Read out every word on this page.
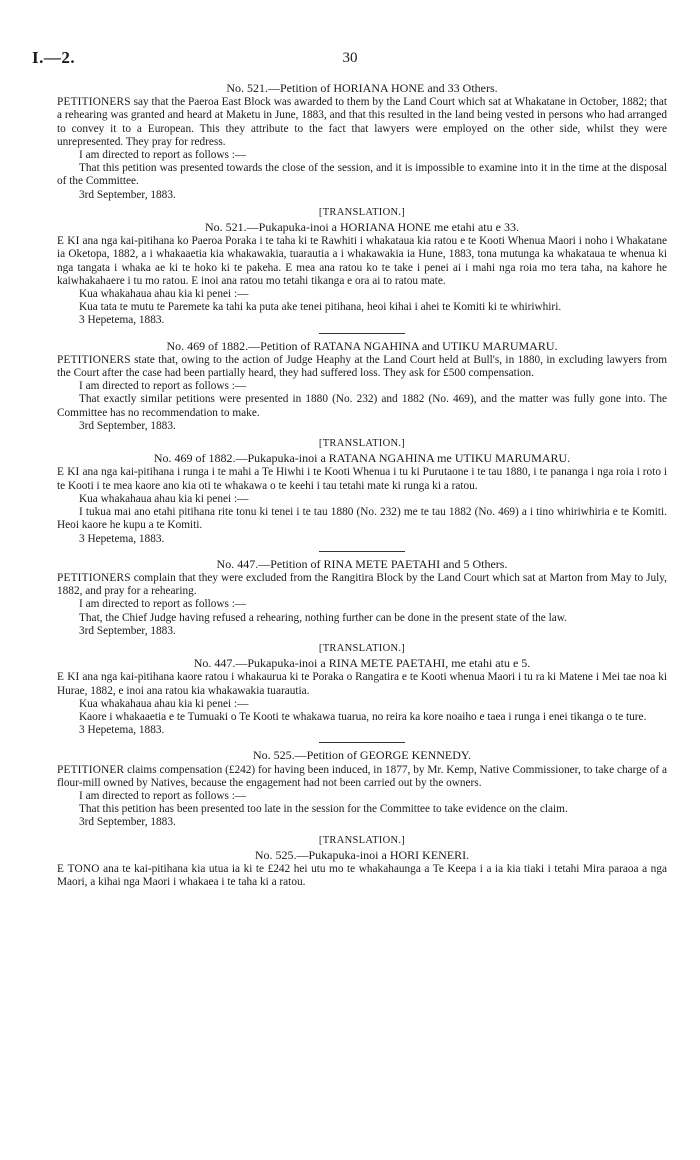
I.—2.	30

No. 521.—Petition of HORIANA HONE and 33 Others.

PETITIONERS say that the Paeroa East Block was awarded to them by the Land Court which sat at Whakatane in October, 1882; that a rehearing was granted and heard at Maketu in June, 1883, and that this resulted in the land being vested in persons who had arranged to convey it to a European. This they attribute to the fact that lawyers were employed on the other side, whilst they were unrepresented. They pray for redress.

I am directed to report as follows :—

That this petition was presented towards the close of the session, and it is impossible to examine into it in the time at the disposal of the Committee.

3rd September, 1883.

[TRANSLATION.]

No. 521.—Pukapuka-inoi a HORIANA HONE me etahi atu e 33.

E KI ana nga kai-pitihana ko Paeroa Poraka i te taha ki te Rawhiti i whakataua kia ratou e te Kooti Whenua Maori i noho i Whakatane ia Oketopa, 1882, a i whakaaetia kia whakawakia, tuarautia a i whakawakia ia Hune, 1883, tona mutunga ka whakataua te whenua ki nga tangata i whaka ae ki te hoko ki te pakeha. E mea ana ratou ko te take i penei ai i mahi nga roia mo tera taha, na kahore he kaiwhakahaere i tu mo ratou. E inoi ana ratou mo tetahi tikanga e ora ai to ratou mate.

Kua whakahaua ahau kia ki penei :—

Kua tata te mutu te Paremete ka tahi ka puta ake tenei pitihana, heoi kihai i ahei te Komiti ki te whiriwhiri.

3 Hepetema, 1883.

No. 469 of 1882.—Petition of RATANA NGAHINA and UTIKU MARUMARU.

PETITIONERS state that, owing to the action of Judge Heaphy at the Land Court held at Bull's, in 1880, in excluding lawyers from the Court after the case had been partially heard, they had suffered loss. They ask for £500 compensation.

I am directed to report as follows :—

That exactly similar petitions were presented in 1880 (No. 232) and 1882 (No. 469), and the matter was fully gone into. The Committee has no recommendation to make.

3rd September, 1883.

[TRANSLATION.]

No. 469 of 1882.—Pukapuka-inoi a RATANA NGAHINA me UTIKU MARUMARU.

E KI ana nga kai-pitihana i runga i te mahi a Te Hiwhi i te Kooti Whenua i tu ki Purutaone i te tau 1880, i te pananga i nga roia i roto i te Kooti i te mea kaore ano kia oti te whakawa o te keehi i tau tetahi mate ki runga ki a ratou.

Kua whakahaua ahau kia ki penei :—

I tukua mai ano etahi pitihana rite tonu ki tenei i te tau 1880 (No. 232) me te tau 1882 (No. 469) a i tino whiriwhiria e te Komiti. Heoi kaore he kupu a te Komiti.

3 Hepetema, 1883.

No. 447.—Petition of RINA METE PAETAHI and 5 Others.

PETITIONERS complain that they were excluded from the Rangitira Block by the Land Court which sat at Marton from May to July, 1882, and pray for a rehearing.

I am directed to report as follows :—

That, the Chief Judge having refused a rehearing, nothing further can be done in the present state of the law.

3rd September, 1883.

[TRANSLATION.]

No. 447.—Pukapuka-inoi a RINA METE PAETAHI, me etahi atu e 5.

E KI ana nga kai-pitihana kaore ratou i whakaurua ki te Poraka o Rangatira e te Kooti whenua Maori i tu ra ki Matene i Mei tae noa ki Hurae, 1882, e inoi ana ratou kia whakawakia tuarautia.

Kua whakahaua ahau kia ki penei :—

Kaore i whakaaetia e te Tumuaki o Te Kooti te whakawa tuarua, no reira ka kore noaiho e taea i runga i enei tikanga o te ture.

3 Hepetema, 1883.

No. 525.—Petition of GEORGE KENNEDY.

PETITIONER claims compensation (£242) for having been induced, in 1877, by Mr. Kemp, Native Commissioner, to take charge of a flour-mill owned by Natives, because the engagement had not been carried out by the owners.

I am directed to report as follows :—

That this petition has been presented too late in the session for the Committee to take evidence on the claim.

3rd September, 1883.

[TRANSLATION.]

No. 525.—Pukapuka-inoi a HORI KENERI.

E TONO ana te kai-pitihana kia utua ia ki te £242 hei utu mo te whakahaunga a Te Keepa i a ia kia tiaki i tetahi Mira paraoa a nga Maori, a kihai nga Maori i whakaea i te taha ki a ratou.
